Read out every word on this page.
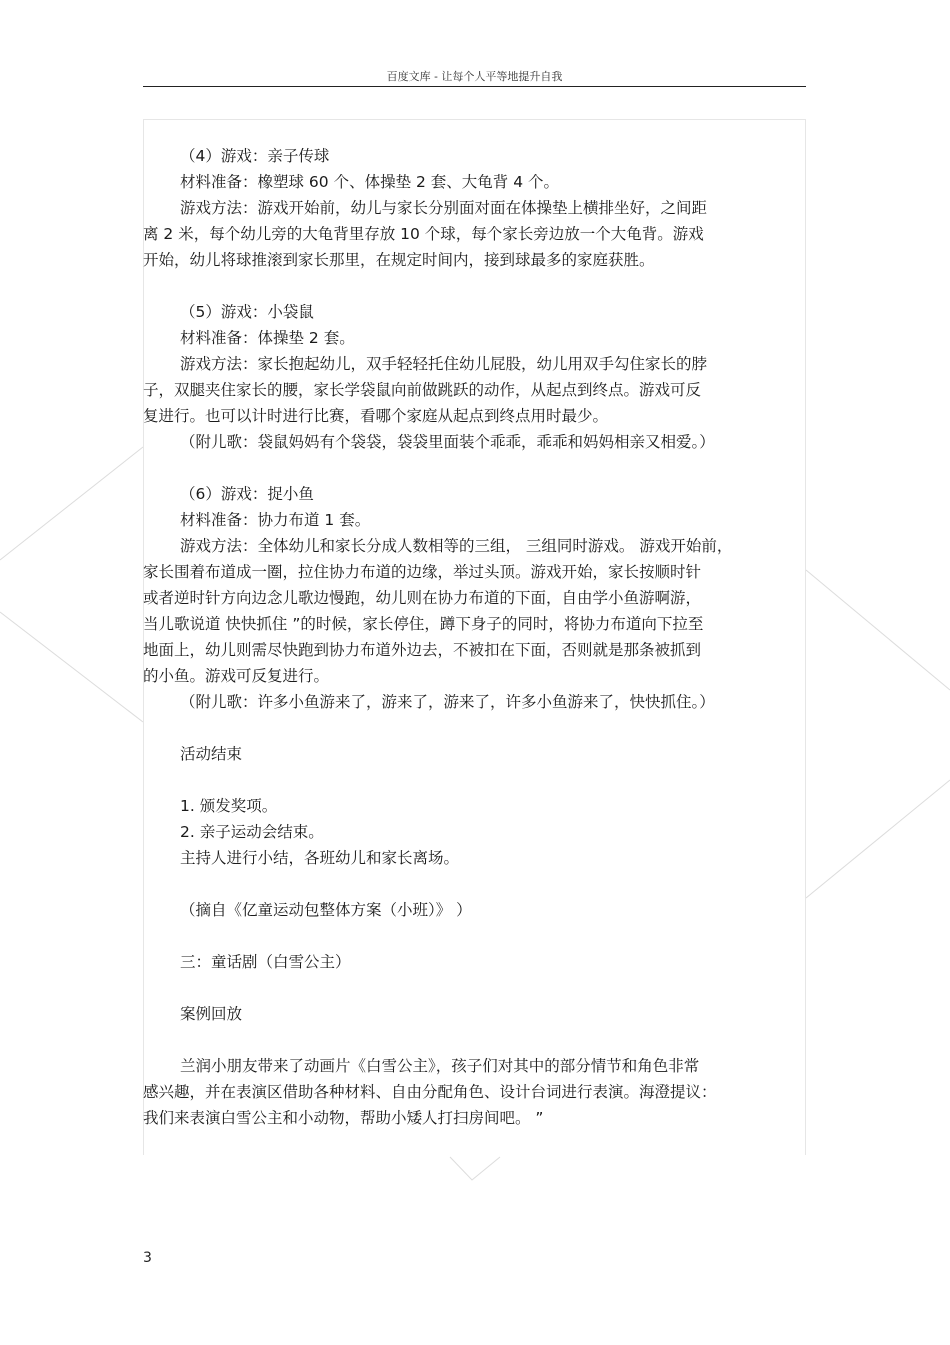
百度文库 - 让每个人平等地提升自我

（4）游戏：亲子传球

材料准备：橡塑球 60 个、体操垫 2 套、大龟背 4 个。

游戏方法：游戏开始前，幼儿与家长分别面对面在体操垫上横排坐好，之间距

离 2 米，每个幼儿旁的大龟背里存放 10 个球，每个家长旁边放一个大龟背。游戏

开始，幼儿将球推滚到家长那里，在规定时间内，接到球最多的家庭获胜。

（5）游戏：小袋鼠

材料准备：体操垫 2 套。

游戏方法：家长抱起幼儿，双手轻轻托住幼儿屁股，幼儿用双手勾住家长的脖

子，双腿夹住家长的腰，家长学袋鼠向前做跳跃的动作，从起点到终点。游戏可反

复进行。也可以计时进行比赛，看哪个家庭从起点到终点用时最少。

（附儿歌：袋鼠妈妈有个袋袋，袋袋里面装个乖乖，乖乖和妈妈相亲又相爱。）

（6）游戏：捉小鱼

材料准备：协力布道 1 套。

游戏方法：全体幼儿和家长分成人数相等的三组， 三组同时游戏。 游戏开始前，

家长围着布道成一圈，拉住协力布道的边缘，举过头顶。游戏开始，家长按顺时针

或者逆时针方向边念儿歌边慢跑，幼儿则在协力布道的下面，自由学小鱼游啊游，

当儿歌说道 快快抓住 ”的时候，家长停住，蹲下身子的同时，将协力布道向下拉至

地面上，幼儿则需尽快跑到协力布道外边去，不被扣在下面，否则就是那条被抓到

的小鱼。游戏可反复进行。

（附儿歌：许多小鱼游来了，游来了，游来了，许多小鱼游来了，快快抓住。）

活动结束

1. 颁发奖项。

2. 亲子运动会结束。

主持人进行小结，各班幼儿和家长离场。

（摘自《亿童运动包整体方案（小班）》 ）

三：童话剧（白雪公主）

案例回放

兰润小朋友带来了动画片《白雪公主》，孩子们对其中的部分情节和角色非常

感兴趣，并在表演区借助各种材料、自由分配角色、设计台词进行表演。海澄提议：

我们来表演白雪公主和小动物，帮助小矮人打扫房间吧。 ”

3
